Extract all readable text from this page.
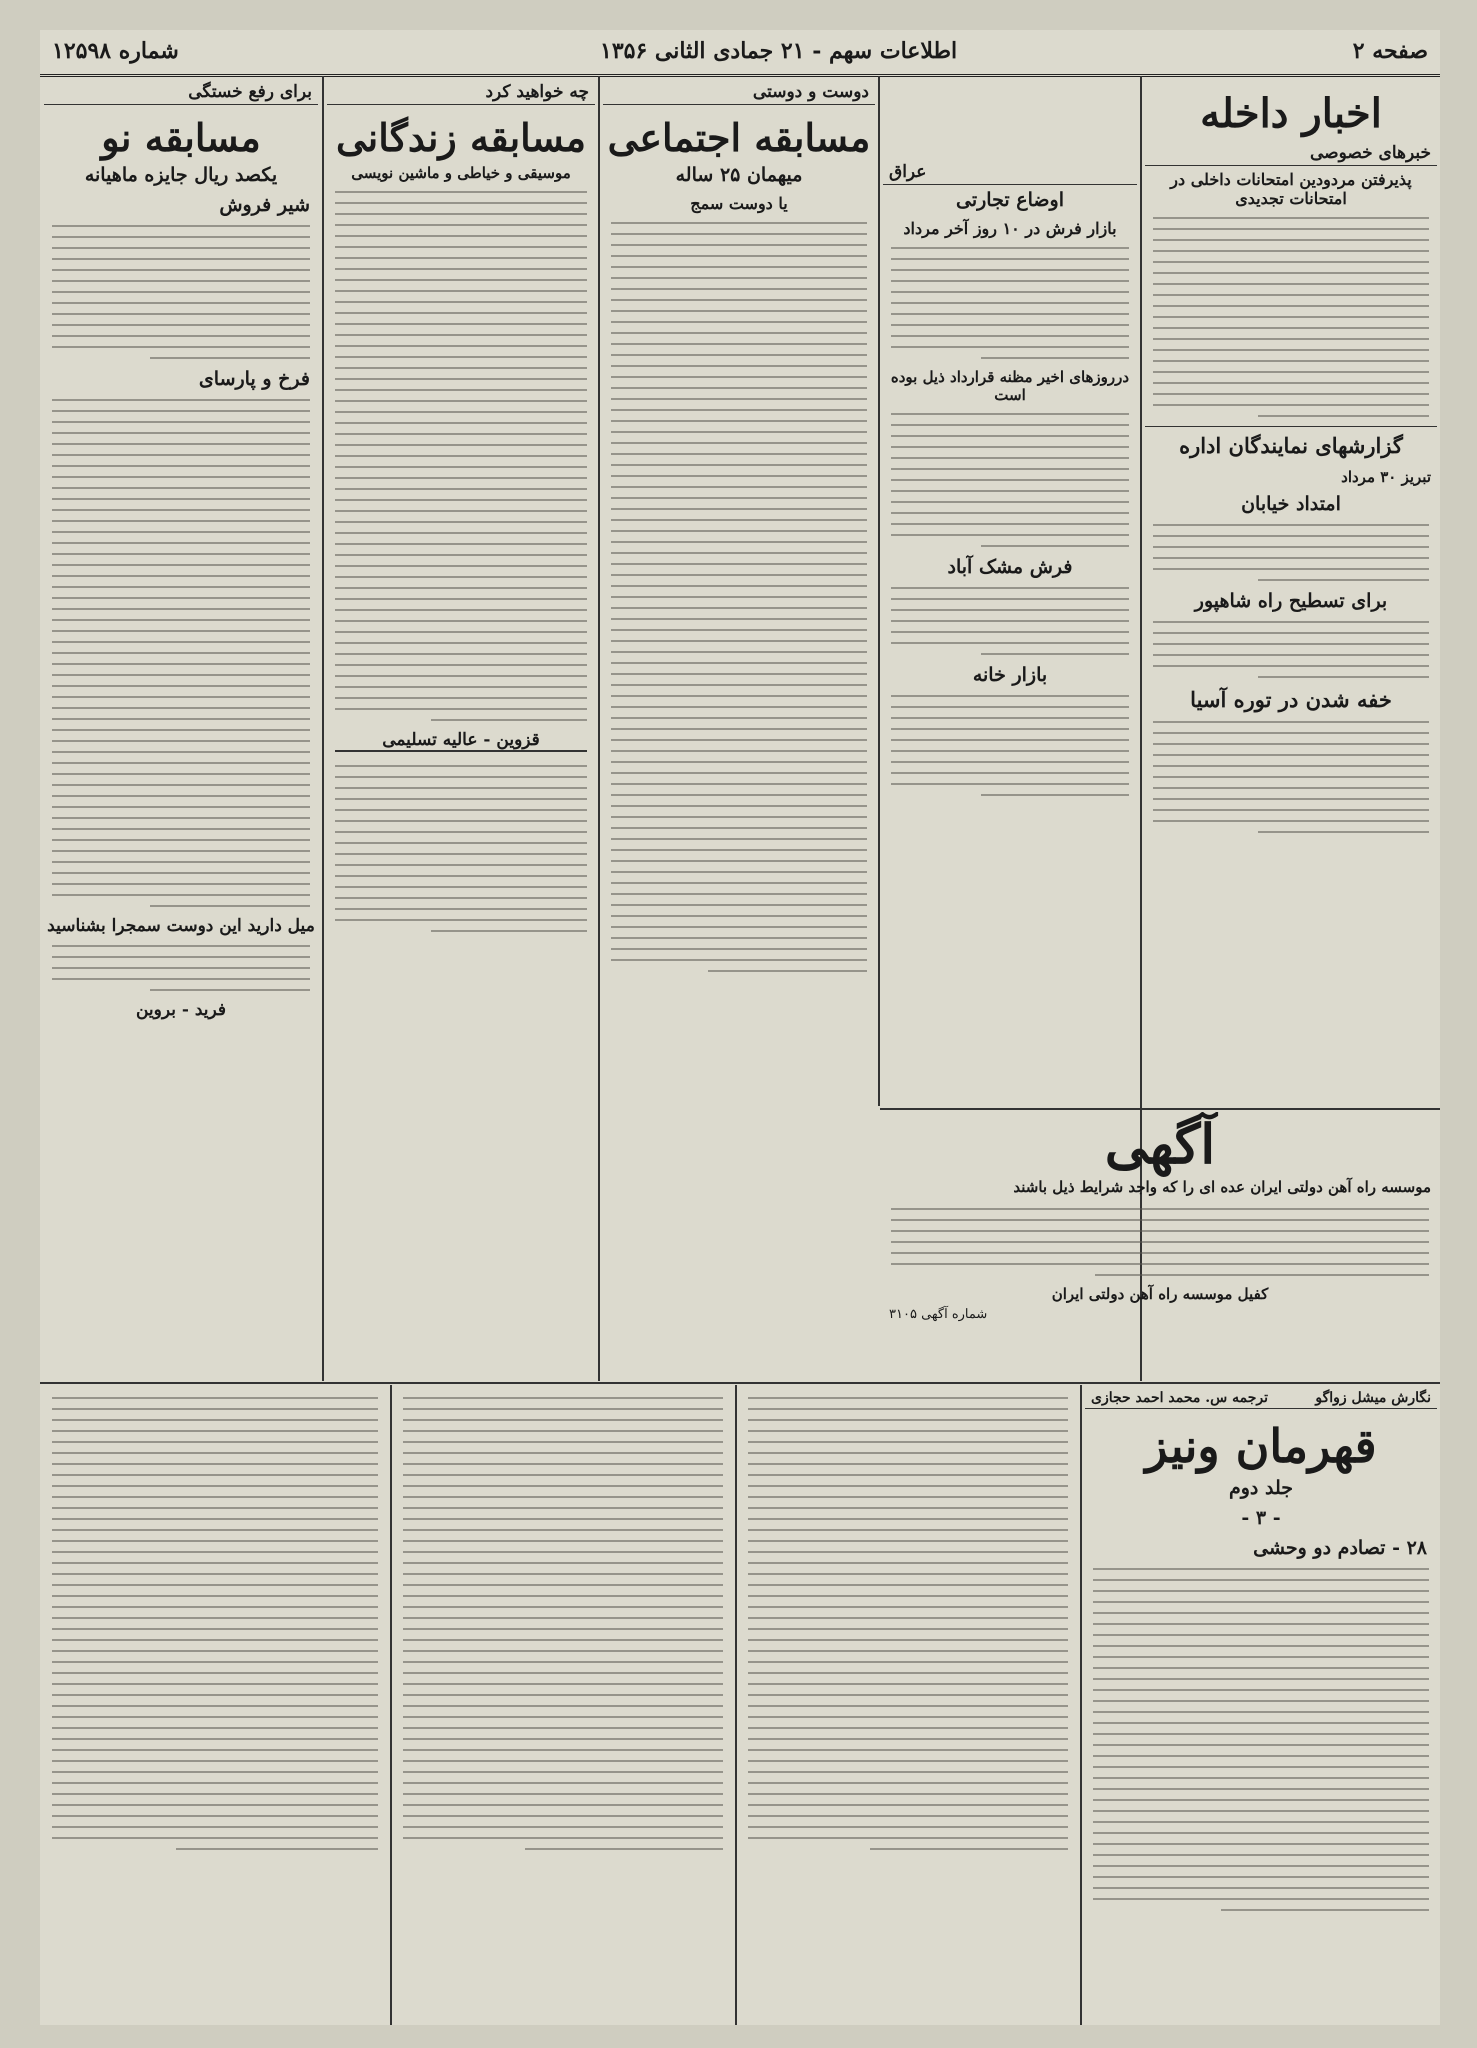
صفحه ۲
اطلاعات سهم - ۲۱ جمادی الثانی ۱۳۵۶
شماره ۱۲۵۹۸
اخبار داخله
خبرهای خصوصی
پذیرفتن مردودین امتحانات داخلی در امتحانات تجدیدی
گزارشهای نمایندگان اداره
تبریز ۳۰ مرداد
امتداد خیابان
برای تسطیح راه شاهپور
خفه شدن در توره آسیا
عراق
اوضاع تجارتی
بازار فرش در ۱۰ روز آخر مرداد
درروزهای اخیر مظنه قرارداد ذیل بوده است
فرش مشک آباد
بازار خانه
دوست و دوستی
مسابقه اجتماعی
میهمان ۲۵ ساله
یا دوست سمج
چه خواهید کرد
مسابقه زندگانی
موسیقی و خیاطی و ماشین نویسی
قزوین - عالیه تسلیمی
برای رفع خستگی
مسابقه نو
یکصد ریال جایزه ماهیانه
شیر فروش
فرخ و پارسای
میل دارید این دوست سمجرا بشناسید
فرید - بروین
آگهی
موسسه راه آهن دولتی ایران عده ای را که واجد شرایط ذیل باشند
کفیل موسسه راه آهن دولتی ایران
شماره آگهی ۳۱۰۵
نگارش میشل زواگو
ترجمه س. محمد احمد حجازی
قهرمان ونیز
جلد دوم
- ۳ -
۲۸ - تصادم دو وحشی
